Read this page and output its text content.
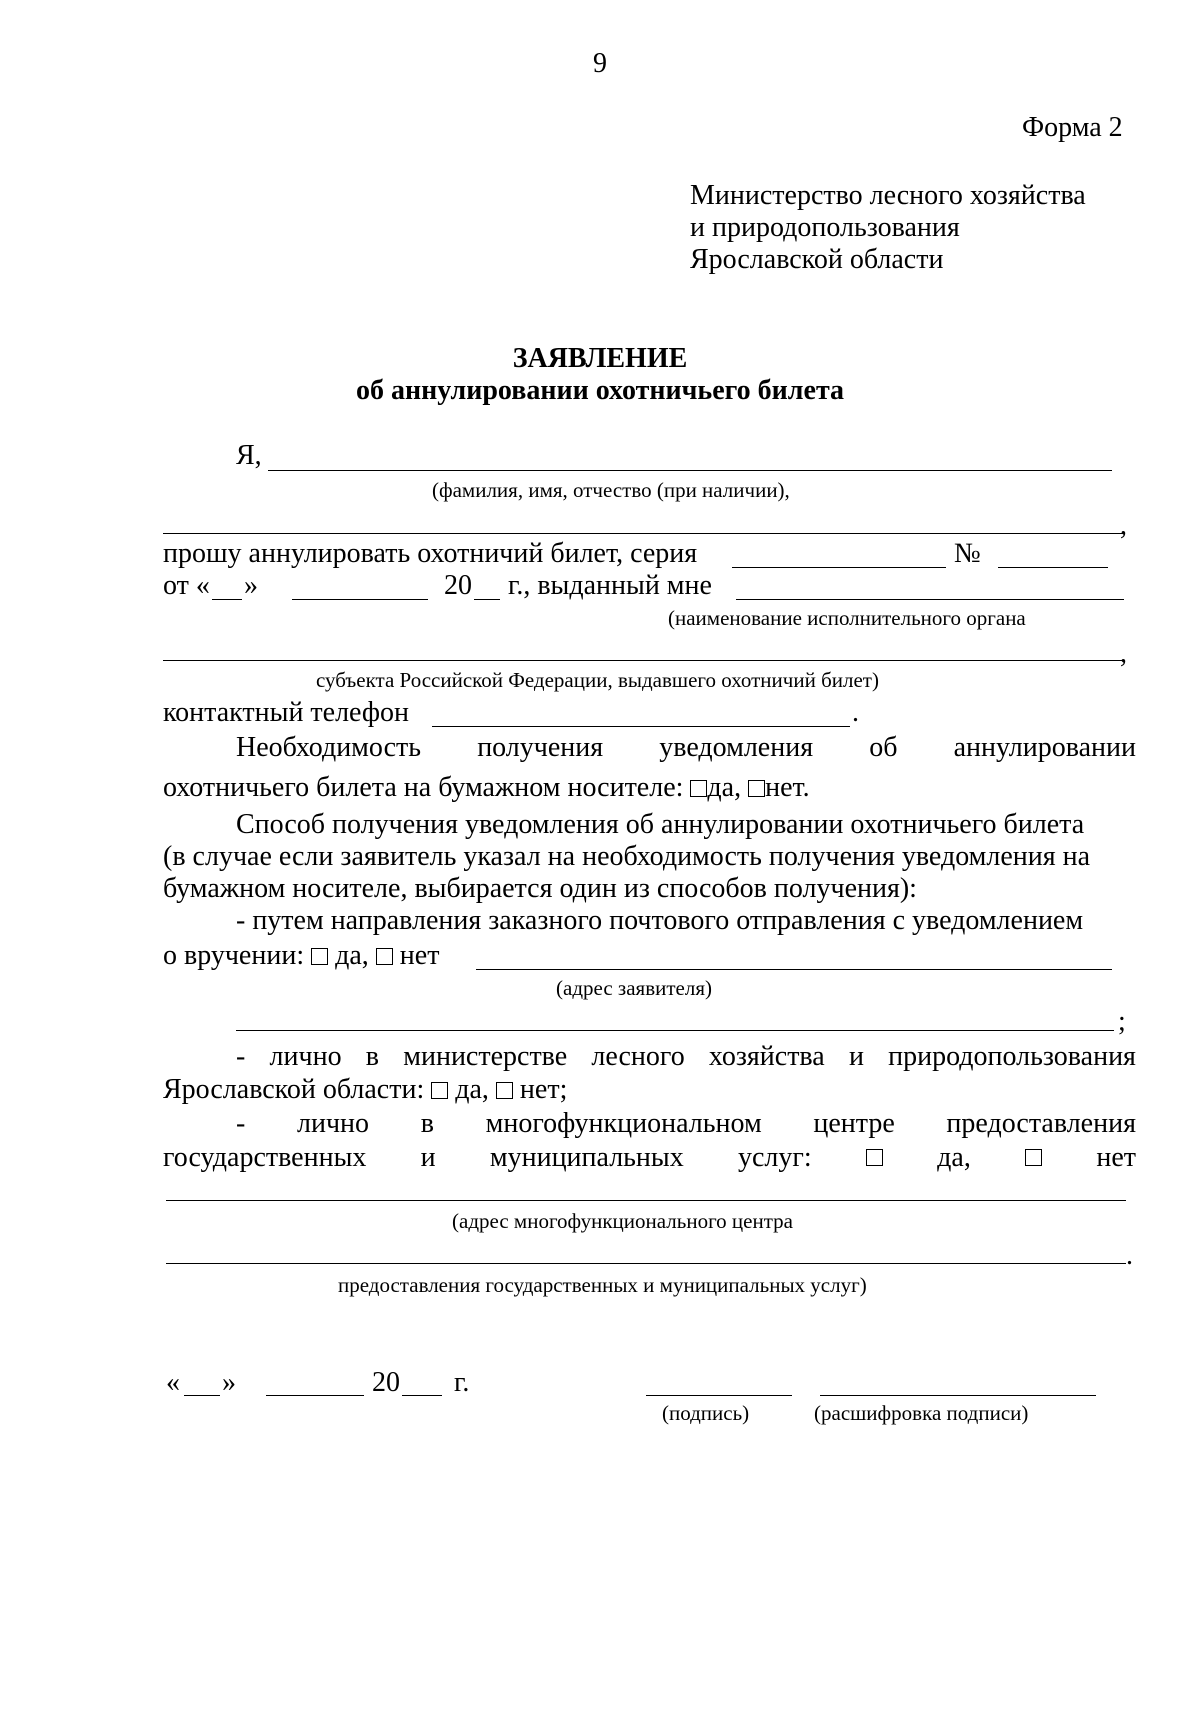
9
Форма 2
Министерство лесного хозяйства
и природопользования
Ярославской области
ЗАЯВЛЕНИЕ
об аннулировании охотничьего билета
Я,
(фамилия, имя, отчество (при наличии),
,
прошу аннулировать охотничий билет, серия	№
от « »	20 г., выданный мне
(наименование исполнительного органа
,
субъекта Российской Федерации, выдавшего охотничий билет)
контактный телефон	.
Необходимость получения уведомления об аннулировании
охотничьего билета на бумажном носителе: да, нет.
Способ получения уведомления об аннулировании охотничьего билета
(в случае если заявитель указал на необходимость получения уведомления на
бумажном носителе, выбирается один из способов получения):
- путем направления заказного почтового отправления с уведомлением
о вручении: да, нет
(адрес заявителя)
;
- лично в министерстве лесного хозяйства и природопользования
Ярославской области: да, нет;
- лично в многофункциональном центре предоставления
государственных и муниципальных услуг:	да,	нет
(адрес многофункционального центра
.
предоставления государственных и муниципальных услуг)
« »	20 г.
(подпись)	(расшифровка подписи)
